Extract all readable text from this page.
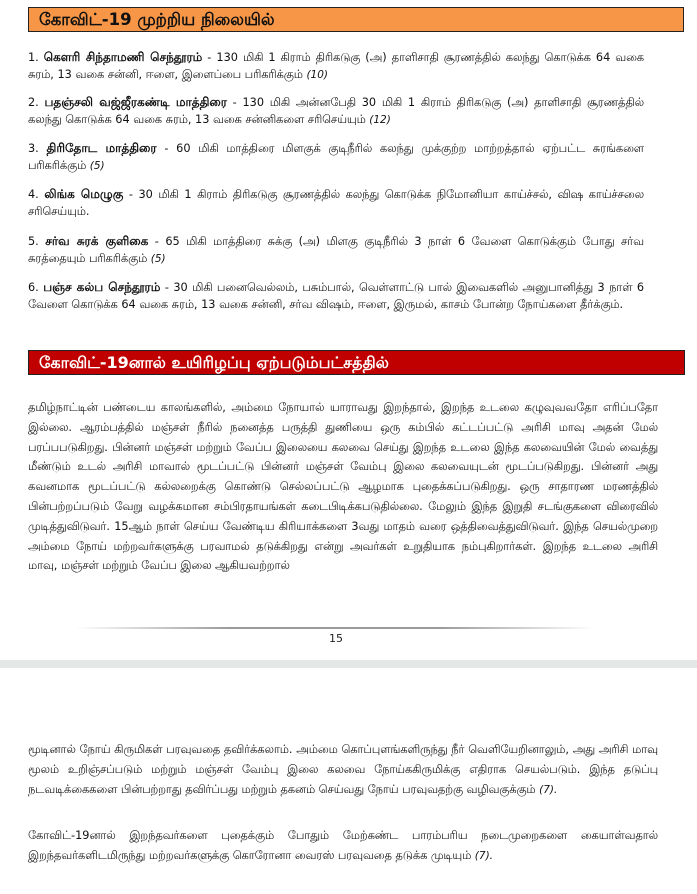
கோவிட்-19 முற்றிய நிலையில்
1. கௌரி சிந்தாமணி செந்தூரம் - 130 மிகி 1 கிராம் திரிகடுகு (அ) தாளிசாதி சூரணத்தில் கலந்து கொடுக்க 64 வகை சுரம், 13 வகை சன்னி, ஈளை, இளைப்பை பரிகரிக்கும் (10)
2. பதஞ்சலி வஜ்ஜீரகண்டி மாத்திரை - 130 மிகி அன்னபேதி 30 மிகி 1 கிராம் திரிகடுகு (அ) தாளிசாதி சூரணத்தில் கலந்து கொடுக்க 64 வகை சுரம், 13 வகை சன்னிகளை சரிசெய்யும் (12)
3. திரிதோட மாத்திரை - 60 மிகி மாத்திரை மிளகுக் குடிநீரில் கலந்து முக்குற்ற மாற்றத்தால் ஏற்பட்ட சுரங்களை பரிகரிக்கும் (5)
4. லிங்க மெழுகு - 30 மிகி 1 கிராம் திரிகடுகு சூரணத்தில் கலந்து கொடுக்க நிமோனியா காய்ச்சல், விஷ காய்ச்சலை சரிசெய்யும்.
5. சர்வ சுரக் குளிகை - 65 மிகி மாத்திரை சுக்கு (அ) மிளகு குடிநீரில் 3 நாள் 6 வேளை கொடுக்கும் போது சர்வ சுரத்தையும் பரிகரிக்கும் (5)
6. பஞ்ச கல்ப செந்தூரம் - 30 மிகி பனைவெல்லம், பசும்பால், வெள்ளாட்டு பால் இவைகளில் அனுபானித்து 3 நாள் 6 வேளை கொடுக்க 64 வகை சுரம், 13 வகை சன்னி, சர்வ விஷம், ஈளை, இருமல், காசம் போன்ற நோய்களை தீர்க்கும்.
கோவிட்-19னால் உயிரிழப்பு ஏற்படும்பட்சத்தில்
தமிழ்நாட்டின் பண்டைய காலங்களில், அம்மை நோயால் யாராவது இறந்தால், இறந்த உடலை கழுவுவவதோ எரிப்பதோ இல்லை. ஆரம்பத்தில் மஞ்சள் நீரில் நனைத்த பருத்தி துணியை ஒரு கம்பில் கட்டப்பட்டு அரிசி மாவு அதன் மேல் பரப்பபடுகிறது. பின்னர் மஞ்சள் மற்றும் வேப்ப இலையை கலவை செய்து இறந்த உடலை இந்த கலவையின் மேல் வைத்து மீண்டும் உடல் அரிசி மாவால் மூடப்பட்டு பின்னர் மஞ்சள் வேம்பு இலை கலவையுடன் மூடப்படுகிறது. பின்னர் அது கவனமாக மூடப்பட்டு கல்லறைக்கு கொண்டு செல்லப்பட்டு ஆழமாக புதைக்கப்படுகிறது. ஒரு சாதாரண மரணத்தில் பின்பற்றப்படும் வேறு வழக்கமான சம்பிரதாயங்கள் கடைபிடிக்கபடுதில்லை. மேலும் இந்த இறுதி சடங்குகளை விரைவில் முடித்துவிடுவர். 15ஆம் நாள் செய்ய வேண்டிய கிரியாக்களை 3வது மாதம் வரை ஒத்திவைத்துவிடுவர். இந்த செயல்முறை அம்மை நோய் மற்றவர்களுக்கு பரவாமல் தடுக்கிறது என்று அவர்கள் உறுதியாக நம்புகிறார்கள். இறந்த உடலை அரிசி மாவு, மஞ்சள் மற்றும் வேப்ப இலை ஆகியவற்றால்
15
மூடினால் நோய் கிருமிகள் பரவுவதை தவிர்க்கலாம். அம்மை கொப்புளங்களிருந்து நீர் வெளியேறினாலும், அது அரிசி மாவு மூலம் உறிஞ்சப்படும் மற்றும் மஞ்சள் வேம்பு இலை கலவை நோய்ககிருமிக்கு எதிராக செயல்படும். இந்த தடுப்பு நடவடிக்கைகளை பின்பற்றாது தவிர்ப்பது மற்றும் தகனம் செய்வது நோய் பரவுவதற்கு வழிவகுக்கும் (7).
கோவிட்-19னால் இறந்தவர்களை புதைக்கும் போதும் மேற்கண்ட பாரம்பரிய நடைமுறைகளை கையாள்வதால் இறந்தவர்களிடமிருந்து மற்றவர்களுக்கு கொரோனா வைரஸ் பரவுவதை தடுக்க முடியும் (7).
